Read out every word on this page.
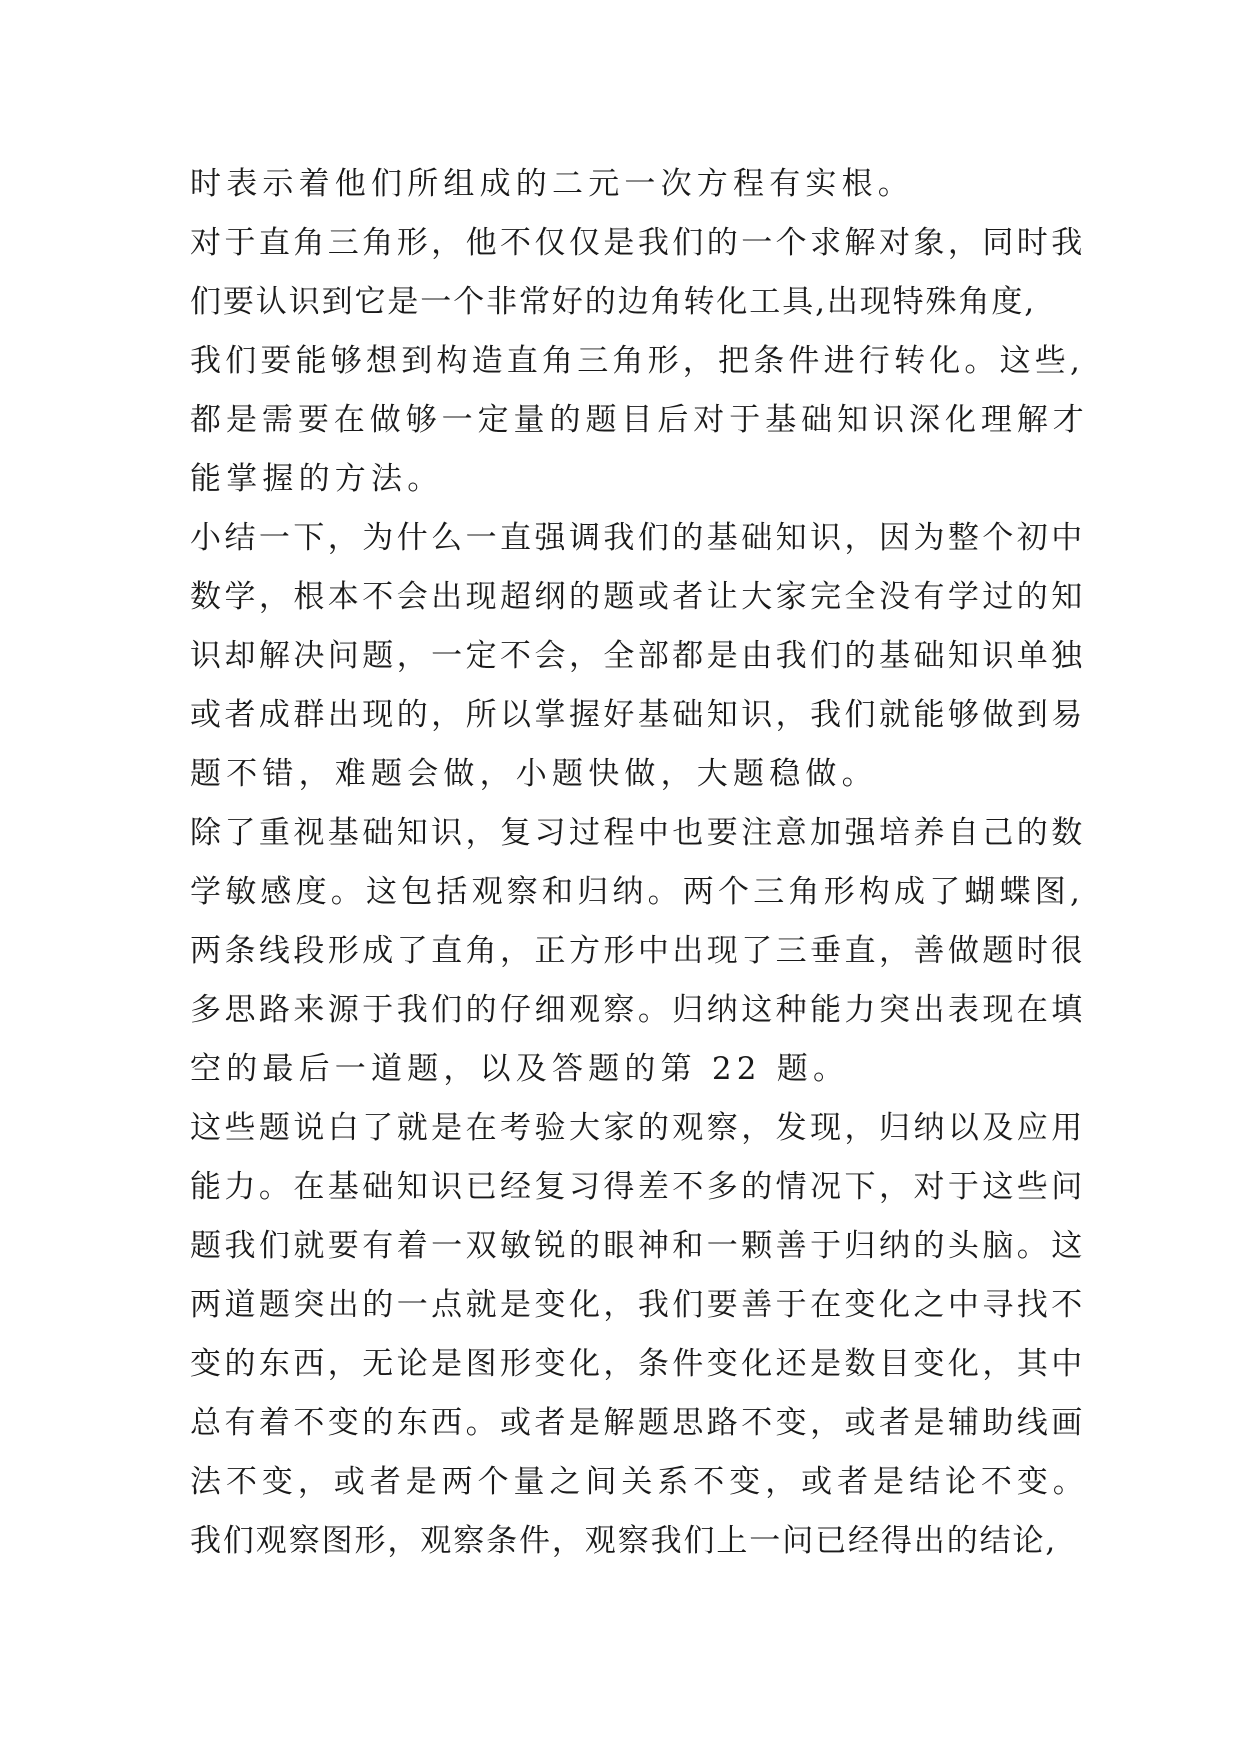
时表示着他们所组成的二元一次方程有实根。
对于直角三角形，他不仅仅是我们的一个求解对象，同时我
们要认识到它是一个非常好的边角转化工具,出现特殊角度,
我们要能够想到构造直角三角形，把条件进行转化。这些,
都是需要在做够一定量的题目后对于基础知识深化理解才
能掌握的方法。
小结一下，为什么一直强调我们的基础知识，因为整个初中
数学，根本不会出现超纲的题或者让大家完全没有学过的知
识却解决问题，一定不会，全部都是由我们的基础知识单独
或者成群出现的，所以掌握好基础知识，我们就能够做到易
题不错，难题会做，小题快做，大题稳做。
除了重视基础知识，复习过程中也要注意加强培养自己的数
学敏感度。这包括观察和归纳。两个三角形构成了蝴蝶图,
两条线段形成了直角，正方形中出现了三垂直，善做题时很
多思路来源于我们的仔细观察。归纳这种能力突出表现在填
空的最后一道题，以及答题的第 22 题。
这些题说白了就是在考验大家的观察，发现，归纳以及应用
能力。在基础知识已经复习得差不多的情况下，对于这些问
题我们就要有着一双敏锐的眼神和一颗善于归纳的头脑。这
两道题突出的一点就是变化，我们要善于在变化之中寻找不
变的东西，无论是图形变化，条件变化还是数目变化，其中
总有着不变的东西。或者是解题思路不变，或者是辅助线画
法不变，或者是两个量之间关系不变，或者是结论不变。
我们观察图形，观察条件，观察我们上一问已经得出的结论,
